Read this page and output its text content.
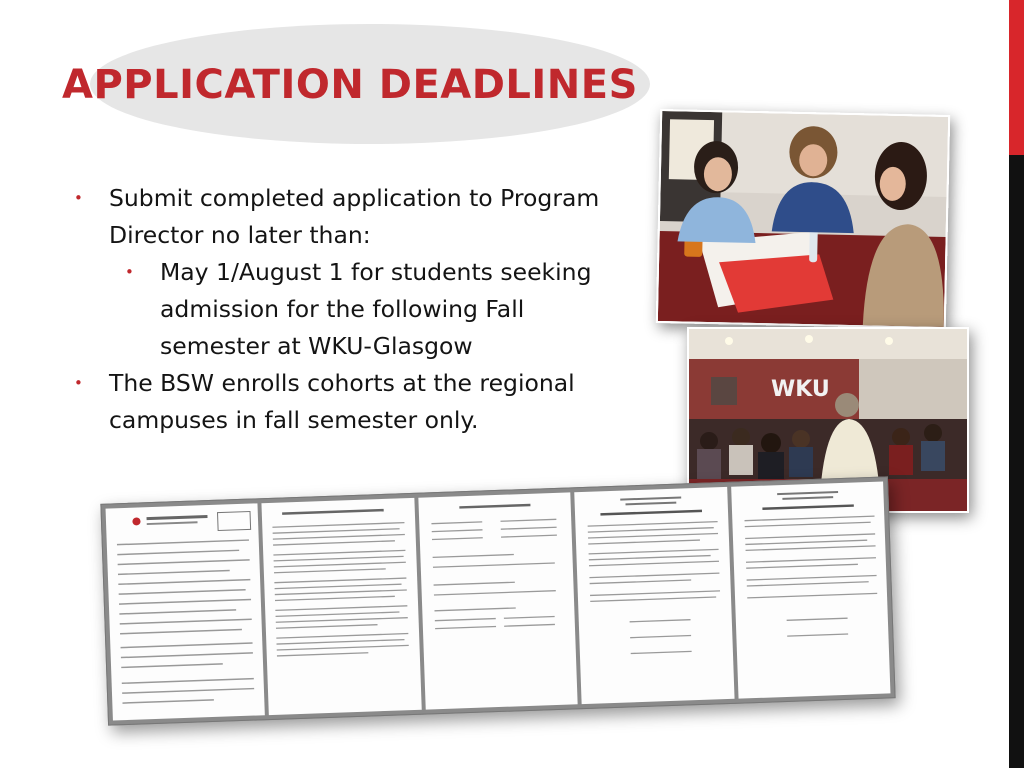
APPLICATION DEADLINES
• Submit completed application to Program Director no later than:
• May 1/August 1 for students seeking admission for the following Fall semester at WKU-Glasgow
• The BSW enrolls cohorts at the regional campuses in fall semester only.
WKU
